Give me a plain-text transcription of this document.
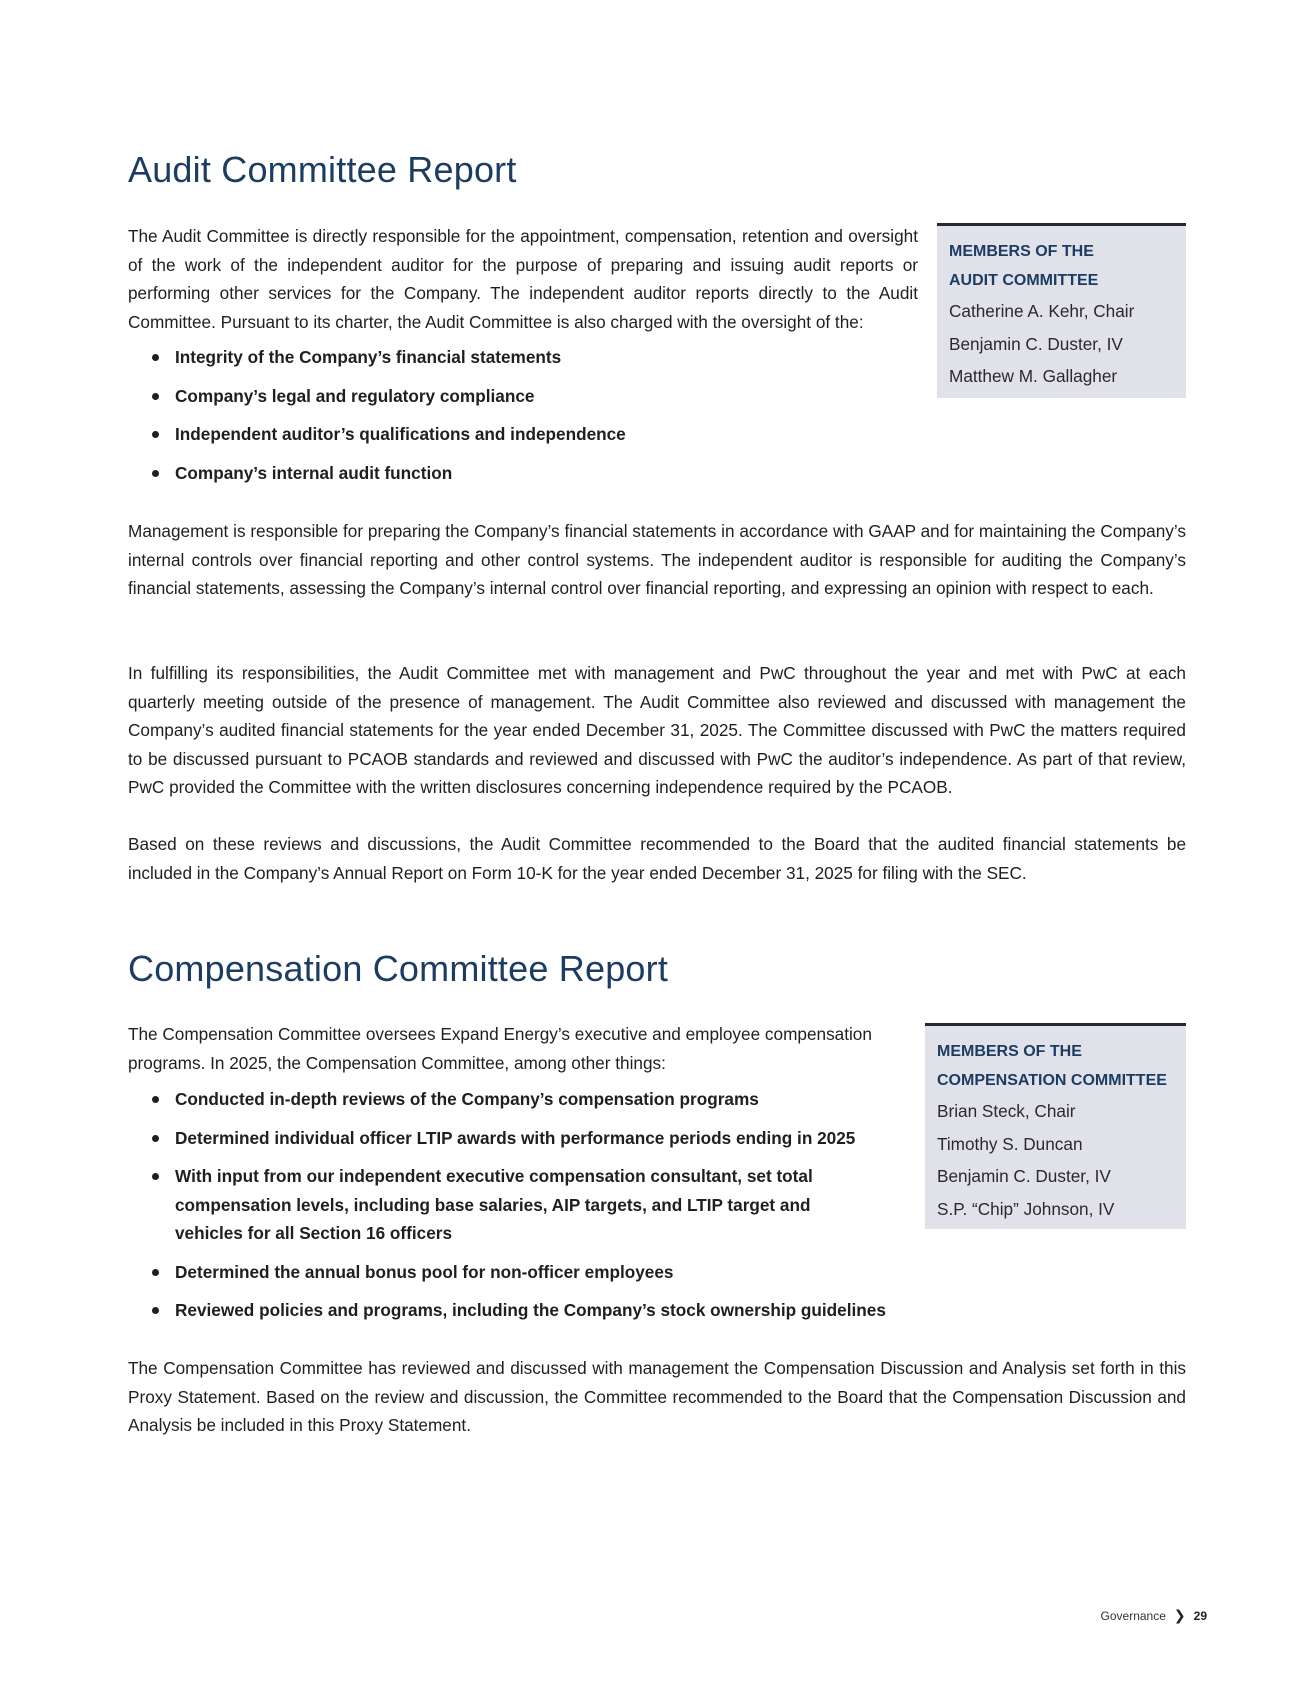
Audit Committee Report

The Audit Committee is directly responsible for the appointment, compensation, retention and oversight of the work of the independent auditor for the purpose of preparing and issuing audit reports or performing other services for the Company. The independent auditor reports directly to the Audit Committee. Pursuant to its charter, the Audit Committee is also charged with the oversight of the:

Integrity of the Company’s financial statements
Company’s legal and regulatory compliance
Independent auditor’s qualifications and independence
Company’s internal audit function
MEMBERS OF THE
AUDIT COMMITTEE
Catherine A. Kehr, Chair
Benjamin C. Duster, IV
Matthew M. Gallagher

Management is responsible for preparing the Company’s financial statements in accordance with GAAP and for maintaining the Company’s internal controls over financial reporting and other control systems. The independent auditor is responsible for auditing the Company’s financial statements, assessing the Company’s internal control over financial reporting, and expressing an opinion with respect to each.

In fulfilling its responsibilities, the Audit Committee met with management and PwC throughout the year and met with PwC at each quarterly meeting outside of the presence of management. The Audit Committee also reviewed and discussed with management the Company’s audited financial statements for the year ended December 31, 2025. The Committee discussed with PwC the matters required to be discussed pursuant to PCAOB standards and reviewed and discussed with PwC the auditor’s independence. As part of that review, PwC provided the Committee with the written disclosures concerning independence required by the PCAOB.

Based on these reviews and discussions, the Audit Committee recommended to the Board that the audited financial statements be included in the Company’s Annual Report on Form 10-K for the year ended December 31, 2025 for filing with the SEC.

Compensation Committee Report

The Compensation Committee oversees Expand Energy’s executive and employee compensation programs. In 2025, the Compensation Committee, among other things:

Conducted in-depth reviews of the Company’s compensation programs
Determined individual officer LTIP awards with performance periods ending in 2025
With input from our independent executive compensation consultant, set total compensation levels, including base salaries, AIP targets, and LTIP target and vehicles for all Section 16 officers
Determined the annual bonus pool for non-officer employees
Reviewed policies and programs, including the Company’s stock ownership guidelines
MEMBERS OF THE
COMPENSATION COMMITTEE
Brian Steck, Chair
Timothy S. Duncan
Benjamin C. Duster, IV
S.P. “Chip” Johnson, IV

The Compensation Committee has reviewed and discussed with management the Compensation Discussion and Analysis set forth in this Proxy Statement. Based on the review and discussion, the Committee recommended to the Board that the Compensation Discussion and Analysis be included in this Proxy Statement.

Governance ❯ 29
